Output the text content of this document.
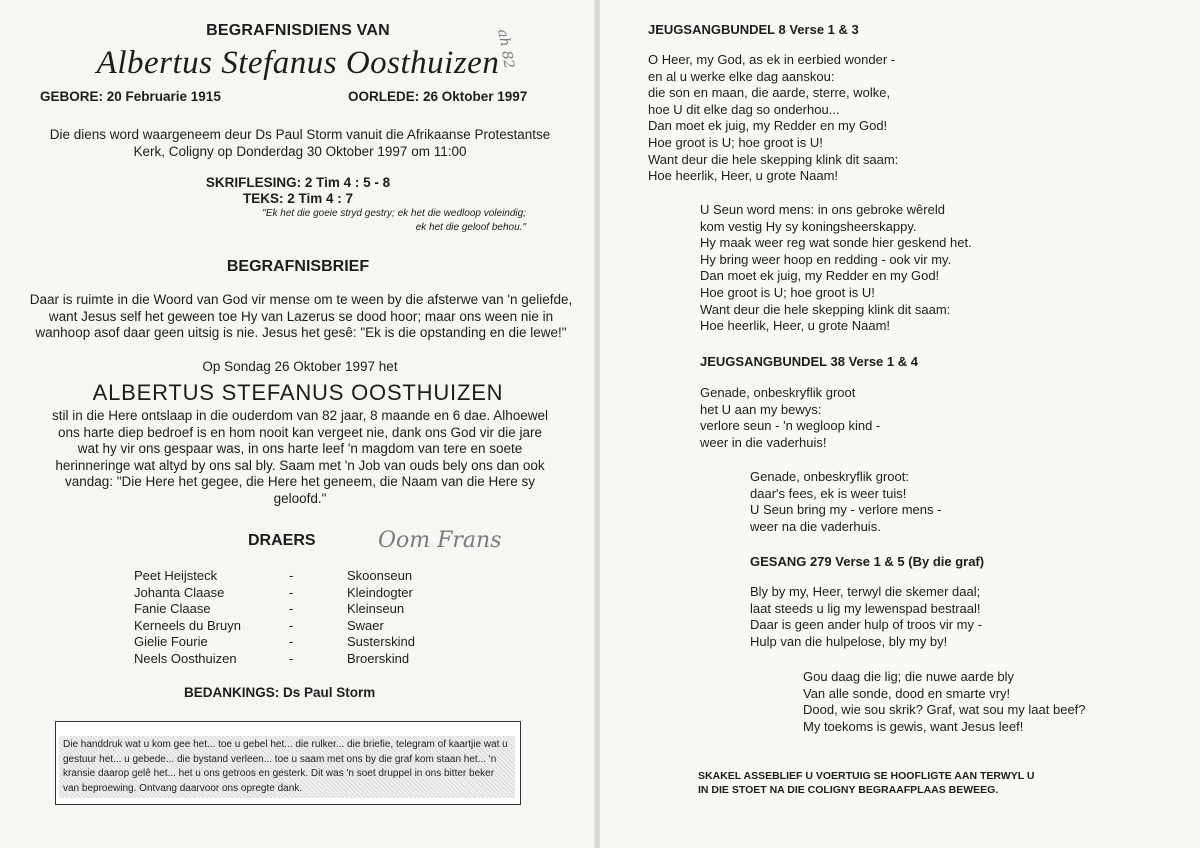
BEGRAFNISDIENS VAN

Albertus Stefanus Oosthuizen

ah 82

GEBORE: 20 Februarie 1915	OORLEDE: 26 Oktober 1997

Die diens word waargeneem deur Ds Paul Storm vanuit die Afrikaanse Protestantse Kerk, Coligny op Donderdag 30 Oktober 1997 om 11:00

SKRIFLESING: 2 Tim 4 : 5 - 8

TEKS: 2 Tim 4 : 7

"Ek het die goeie stryd gestry; ek het die wedloop voleindig;

ek het die geloof behou."

BEGRAFNISBRIEF

Daar is ruimte in die Woord van God vir mense om te ween by die afsterwe van 'n geliefde, want Jesus self het geween toe Hy van Lazerus se dood hoor; maar ons ween nie in wanhoop asof daar geen uitsig is nie. Jesus het gesê: "Ek is die opstanding en die lewe!"

Op Sondag 26 Oktober 1997 het

ALBERTUS STEFANUS OOSTHUIZEN

stil in die Here ontslaap in die ouderdom van 82 jaar, 8 maande en 6 dae. Alhoewel ons harte diep bedroef is en hom nooit kan vergeet nie, dank ons God vir die jare wat hy vir ons gespaar was, in ons harte leef 'n magdom van tere en soete herinneringe wat altyd by ons sal bly. Saam met 'n Job van ouds bely ons dan ook vandag: "Die Here het gegee, die Here het geneem, die Naam van die Here sy geloofd."

DRAERS	Oom Frans

Peet Heijsteck	-	Skoonseun
Johanta Claase	-	Kleindogter
Fanie Claase	-	Kleinseun
Kerneels du Bruyn	-	Swaer
Gielie Fourie	-	Susterskind
Neels Oosthuizen	-	Broerskind

BEDANKINGS: Ds Paul Storm

Die handdruk wat u kom gee het... toe u gebel het... die rulker... die briefie, telegram of kaartjie wat u gestuur het... u gebede... die bystand verleen... toe u saam met ons by die graf kom staan het... 'n kransie daarop gelê het... het u ons getroos en gesterk. Dit was 'n soet druppel in ons bitter beker van beproewing. Ontvang daarvoor ons opregte dank.

JEUGSANGBUNDEL 8 Verse 1 & 3

O Heer, my God, as ek in eerbied wonder -
en al u werke elke dag aanskou:
die son en maan, die aarde, sterre, wolke,
hoe U dit elke dag so onderhou...
Dan moet ek juig, my Redder en my God!
Hoe groot is U; hoe groot is U!
Want deur die hele skepping klink dit saam:
Hoe heerlik, Heer, u grote Naam!

U Seun word mens: in ons gebroke wêreld
kom vestig Hy sy koningsheerskappy.
Hy maak weer reg wat sonde hier geskend het.
Hy bring weer hoop en redding - ook vir my.
Dan moet ek juig, my Redder en my God!
Hoe groot is U; hoe groot is U!
Want deur die hele skepping klink dit saam:
Hoe heerlik, Heer, u grote Naam!

JEUGSANGBUNDEL 38 Verse 1 & 4

Genade, onbeskryflik groot
het U aan my bewys:
verlore seun - 'n wegloop kind -
weer in die vaderhuis!

Genade, onbeskryflik groot:
daar's fees, ek is weer tuis!
U Seun bring my - verlore mens -
weer na die vaderhuis.

GESANG 279 Verse 1 & 5 (By die graf)

Bly by my, Heer, terwyl die skemer daal;
laat steeds u lig my lewenspad bestraal!
Daar is geen ander hulp of troos vir my -
Hulp van die hulpelose, bly my by!

Gou daag die lig; die nuwe aarde bly
Van alle sonde, dood en smarte vry!
Dood, wie sou skrik? Graf, wat sou my laat beef?
My toekoms is gewis, want Jesus leef!

SKAKEL ASSEBLIEF U VOERTUIG SE HOOFLIGTE AAN TERWYL U
IN DIE STOET NA DIE COLIGNY BEGRAAFPLAAS BEWEEG.
